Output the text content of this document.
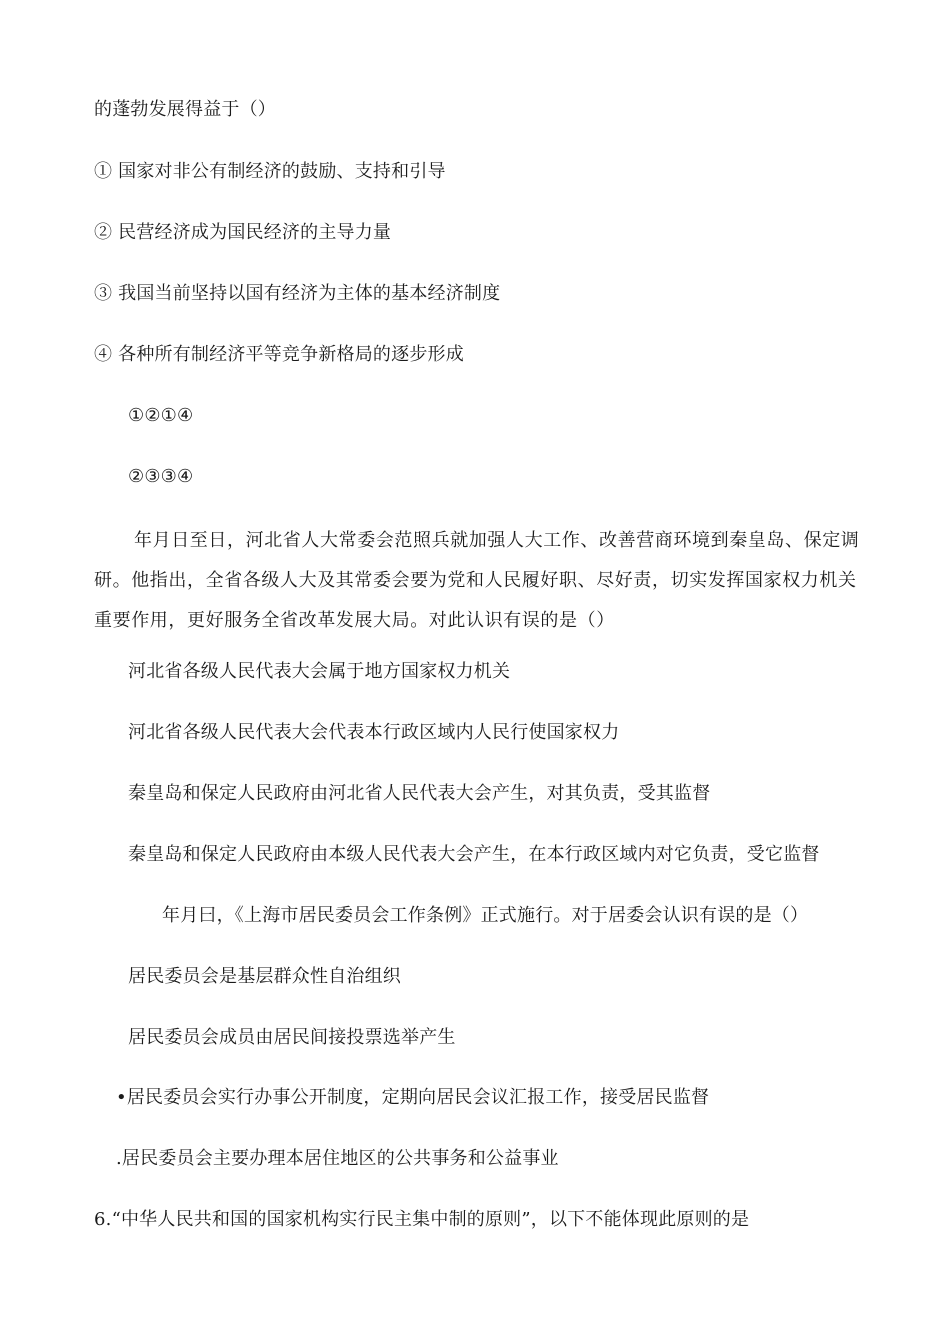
的蓬勃发展得益于（）
① 国家对非公有制经济的鼓励、支持和引导
② 民营经济成为国民经济的主导力量
③ 我国当前坚持以国有经济为主体的基本经济制度
④ 各种所有制经济平等竞争新格局的逐步形成
①②①④
②③③④
年月日至日，河北省人大常委会范照兵就加强人大工作、改善营商环境到秦皇岛、保定调研。他指出，全省各级人大及其常委会要为党和人民履好职、尽好责，切实发挥国家权力机关重要作用，更好服务全省改革发展大局。对此认识有误的是（）
河北省各级人民代表大会属于地方国家权力机关
河北省各级人民代表大会代表本行政区域内人民行使国家权力
秦皇岛和保定人民政府由河北省人民代表大会产生，对其负责，受其监督
秦皇岛和保定人民政府由本级人民代表大会产生，在本行政区域内对它负责，受它监督
年月曰，《上海市居民委员会工作条例》正式施行。对于居委会认识有误的是（）
居民委员会是基层群众性自治组织
居民委员会成员由居民间接投票选举产生
•居民委员会实行办事公开制度，定期向居民会议汇报工作，接受居民监督
.居民委员会主要办理本居住地区的公共事务和公益事业
6.“中华人民共和国的国家机构实行民主集中制的原则”，以下不能体现此原则的是
